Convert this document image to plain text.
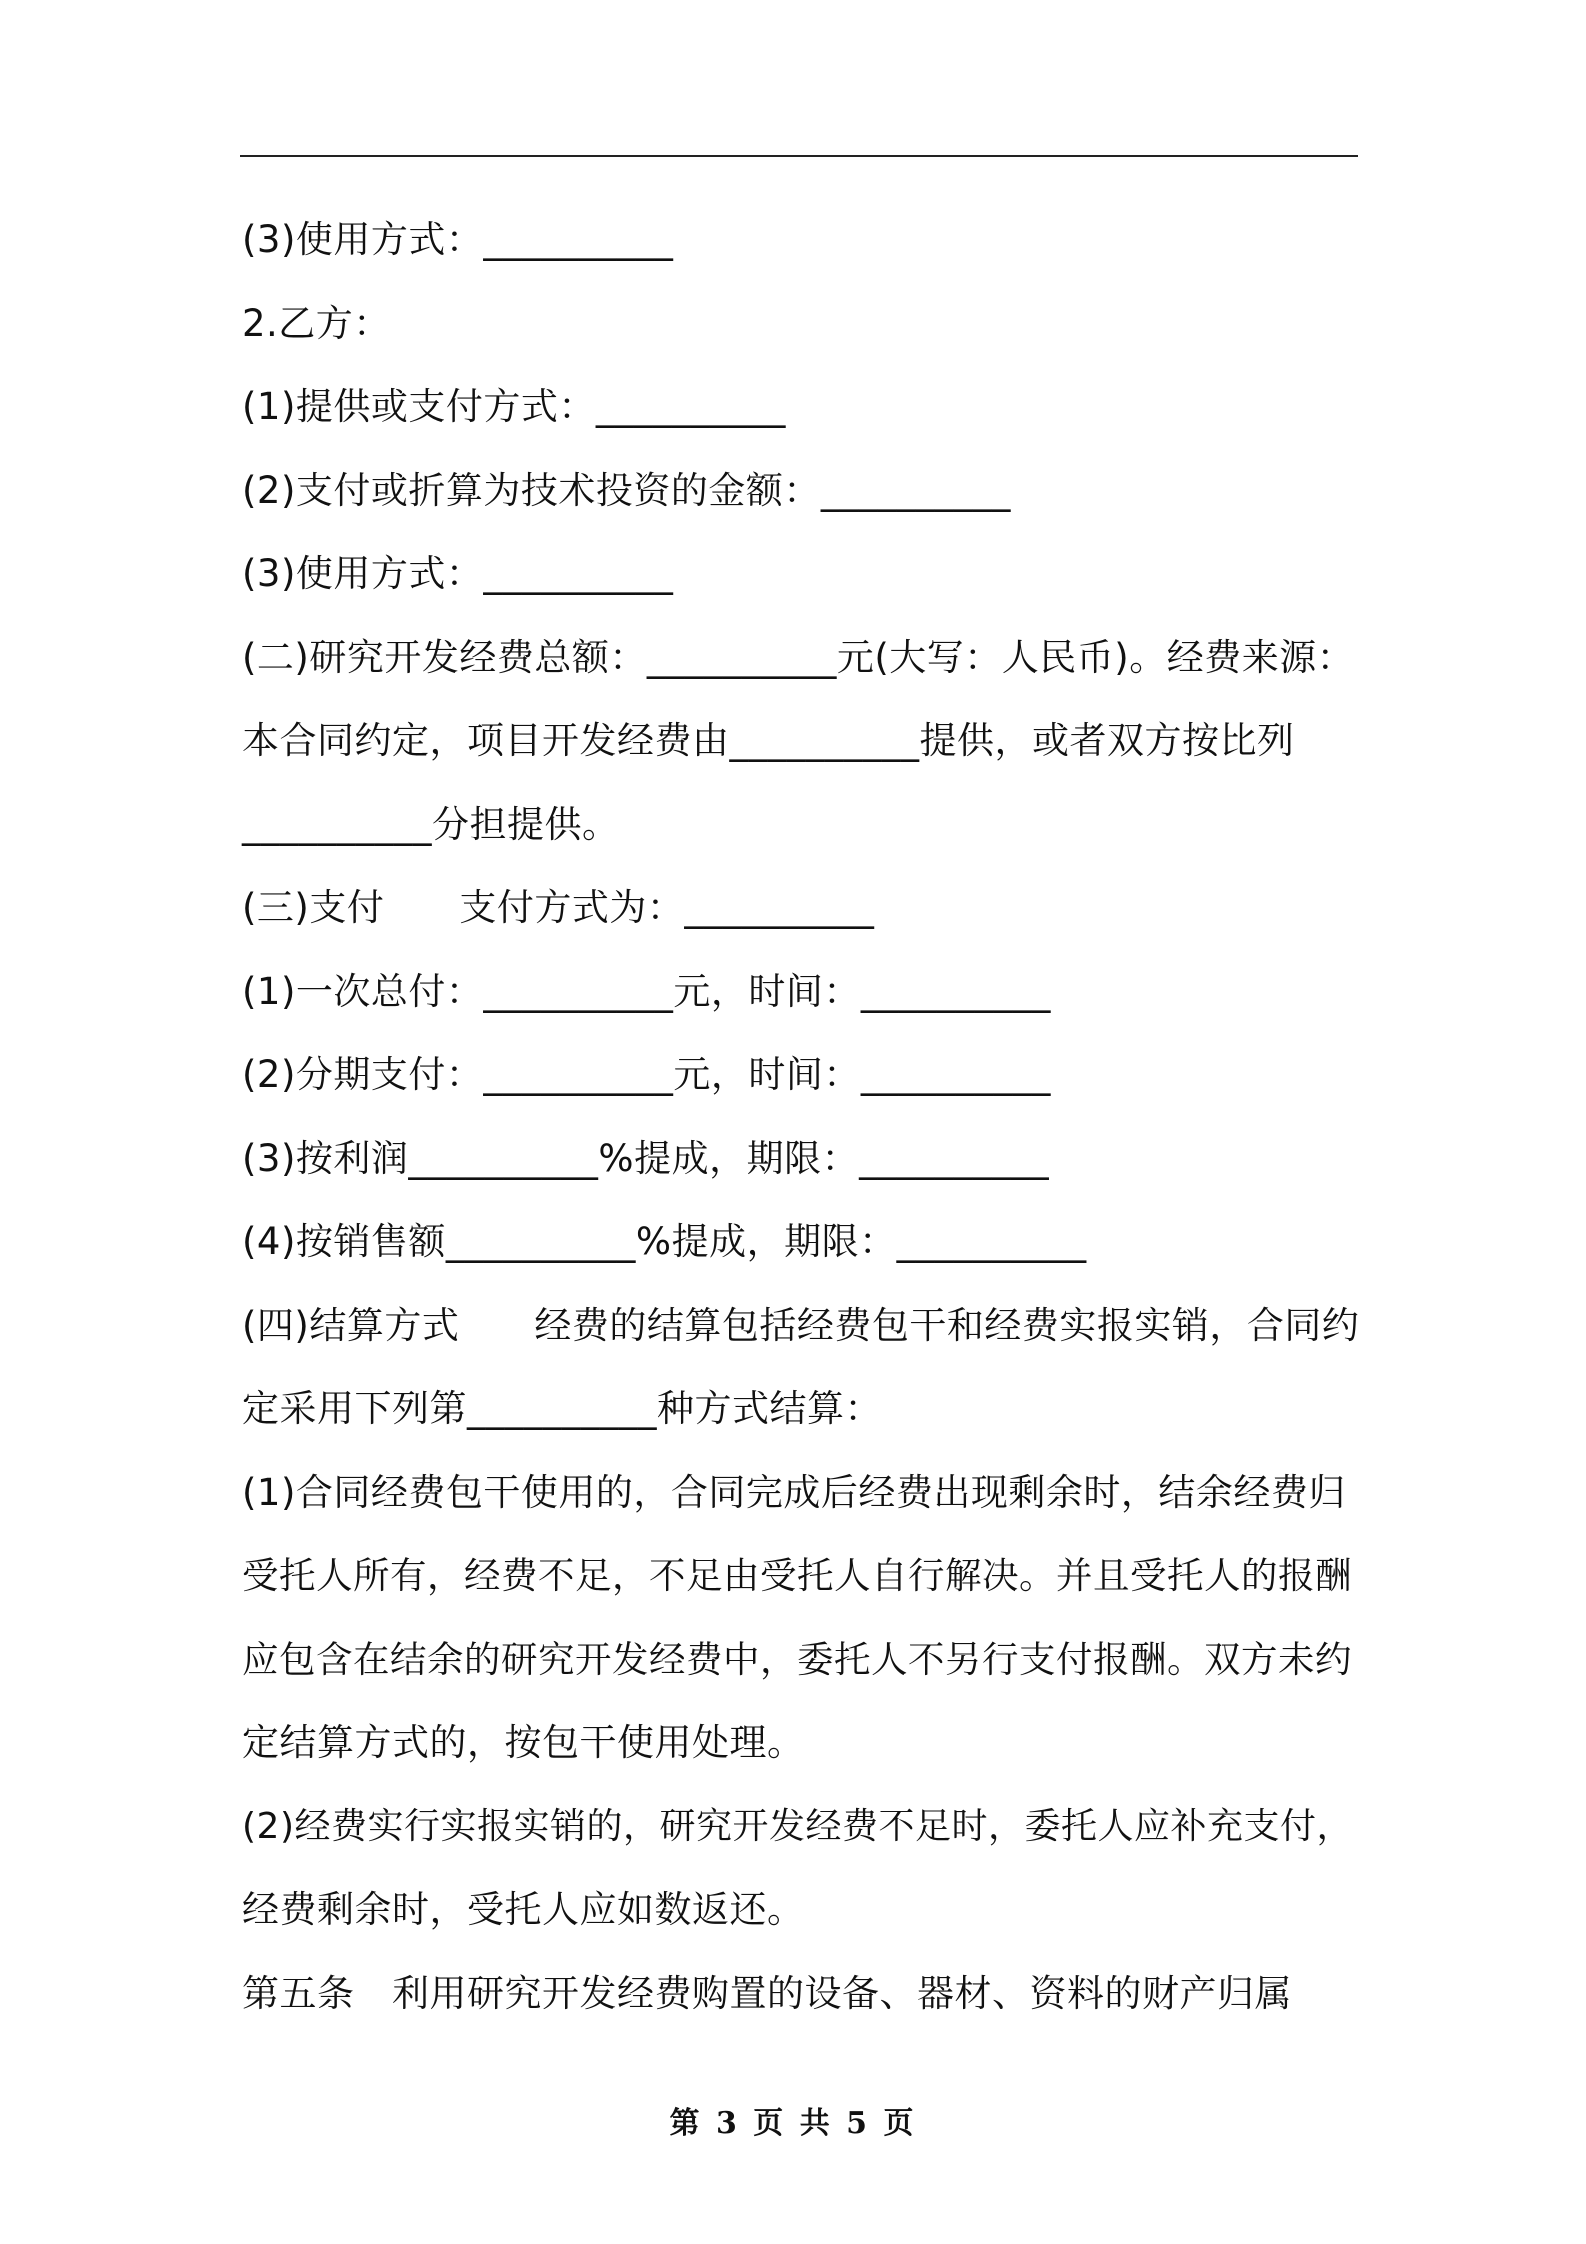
(3)使用方式：__________
2.乙方：
(1)提供或支付方式：__________
(2)支付或折算为技术投资的金额：__________
(3)使用方式：__________
(二)研究开发经费总额：__________元(大写：人民币)。经费来源：
本合同约定，项目开发经费由__________提供，或者双方按比列
__________分担提供。
(三)支付　　支付方式为：__________
(1)一次总付：__________元，时间：__________
(2)分期支付：__________元，时间：__________
(3)按利润__________%提成，期限：__________
(4)按销售额__________%提成，期限：__________
(四)结算方式　　经费的结算包括经费包干和经费实报实销，合同约
定采用下列第__________种方式结算：
(1)合同经费包干使用的，合同完成后经费出现剩余时，结余经费归
受托人所有，经费不足，不足由受托人自行解决。并且受托人的报酬
应包含在结余的研究开发经费中，委托人不另行支付报酬。双方未约
定结算方式的，按包干使用处理。
(2)经费实行实报实销的，研究开发经费不足时，委托人应补充支付，
经费剩余时，受托人应如数返还。
第五条　利用研究开发经费购置的设备、器材、资料的财产归属
第 3 页 共 5 页
